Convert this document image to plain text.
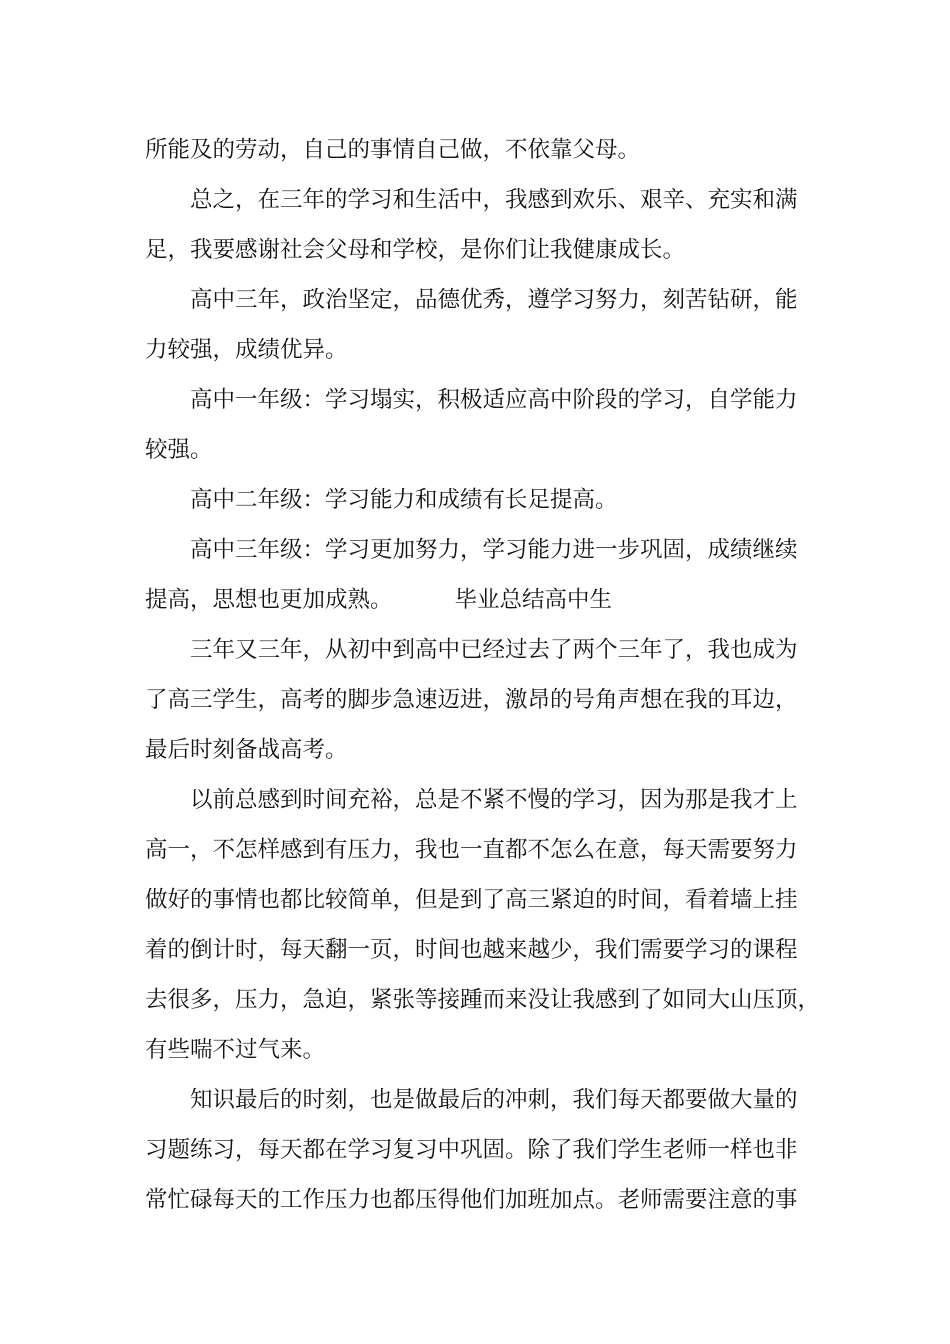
所能及的劳动，自己的事情自己做，不依靠父母。

总之，在三年的学习和生活中，我感到欢乐、艰辛、充实和满

足，我要感谢社会父母和学校，是你们让我健康成长。

高中三年，政治坚定，品德优秀，遵学习努力，刻苦钻研，能

力较强，成绩优异。

高中一年级：学习塌实，积极适应高中阶段的学习，自学能力

较强。

高中二年级：学习能力和成绩有长足提高。

高中三年级：学习更加努力，学习能力进一步巩固，成绩继续

提高，思想也更加成熟。	毕业总结高中生

三年又三年，从初中到高中已经过去了两个三年了，我也成为

了高三学生，高考的脚步急速迈进，激昂的号角声想在我的耳边，

最后时刻备战高考。

以前总感到时间充裕，总是不紧不慢的学习，因为那是我才上

高一，不怎样感到有压力，我也一直都不怎么在意，每天需要努力

做好的事情也都比较简单，但是到了高三紧迫的时间，看着墙上挂

着的倒计时，每天翻一页，时间也越来越少，我们需要学习的课程

去很多，压力，急迫，紧张等接踵而来没让我感到了如同大山压顶，

有些喘不过气来。

知识最后的时刻，也是做最后的冲刺，我们每天都要做大量的

习题练习，每天都在学习复习中巩固。除了我们学生老师一样也非

常忙碌每天的工作压力也都压得他们加班加点。老师需要注意的事
